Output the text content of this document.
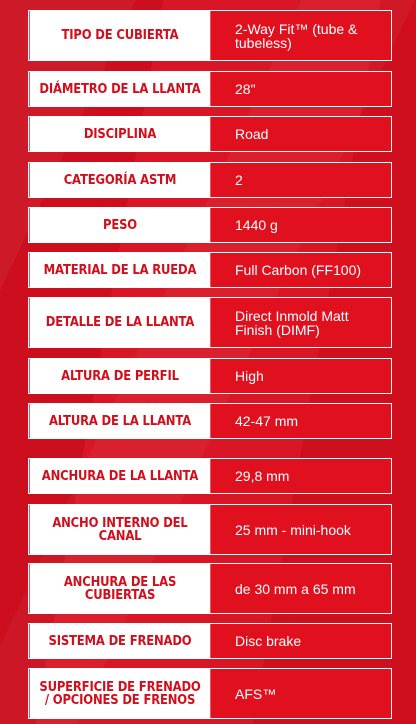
TIPO DE CUBIERTA	2-Way Fit™ (tube & tubeless)
DIÁMETRO DE LA LLANTA	28"
DISCIPLINA	Road
CATEGORÍA ASTM	2
PESO	1440 g
MATERIAL DE LA RUEDA	Full Carbon (FF100)
DETALLE DE LA LLANTA	Direct Inmold Matt Finish (DIMF)
ALTURA DE PERFIL	High
ALTURA DE LA LLANTA	42-47 mm
ANCHURA DE LA LLANTA	29,8 mm
ANCHO INTERNO DEL CANAL	25 mm - mini-hook
ANCHURA DE LAS CUBIERTAS	de 30 mm a 65 mm
SISTEMA DE FRENADO	Disc brake
SUPERFICIE DE FRENADO / OPCIONES DE FRENOS	AFS™
